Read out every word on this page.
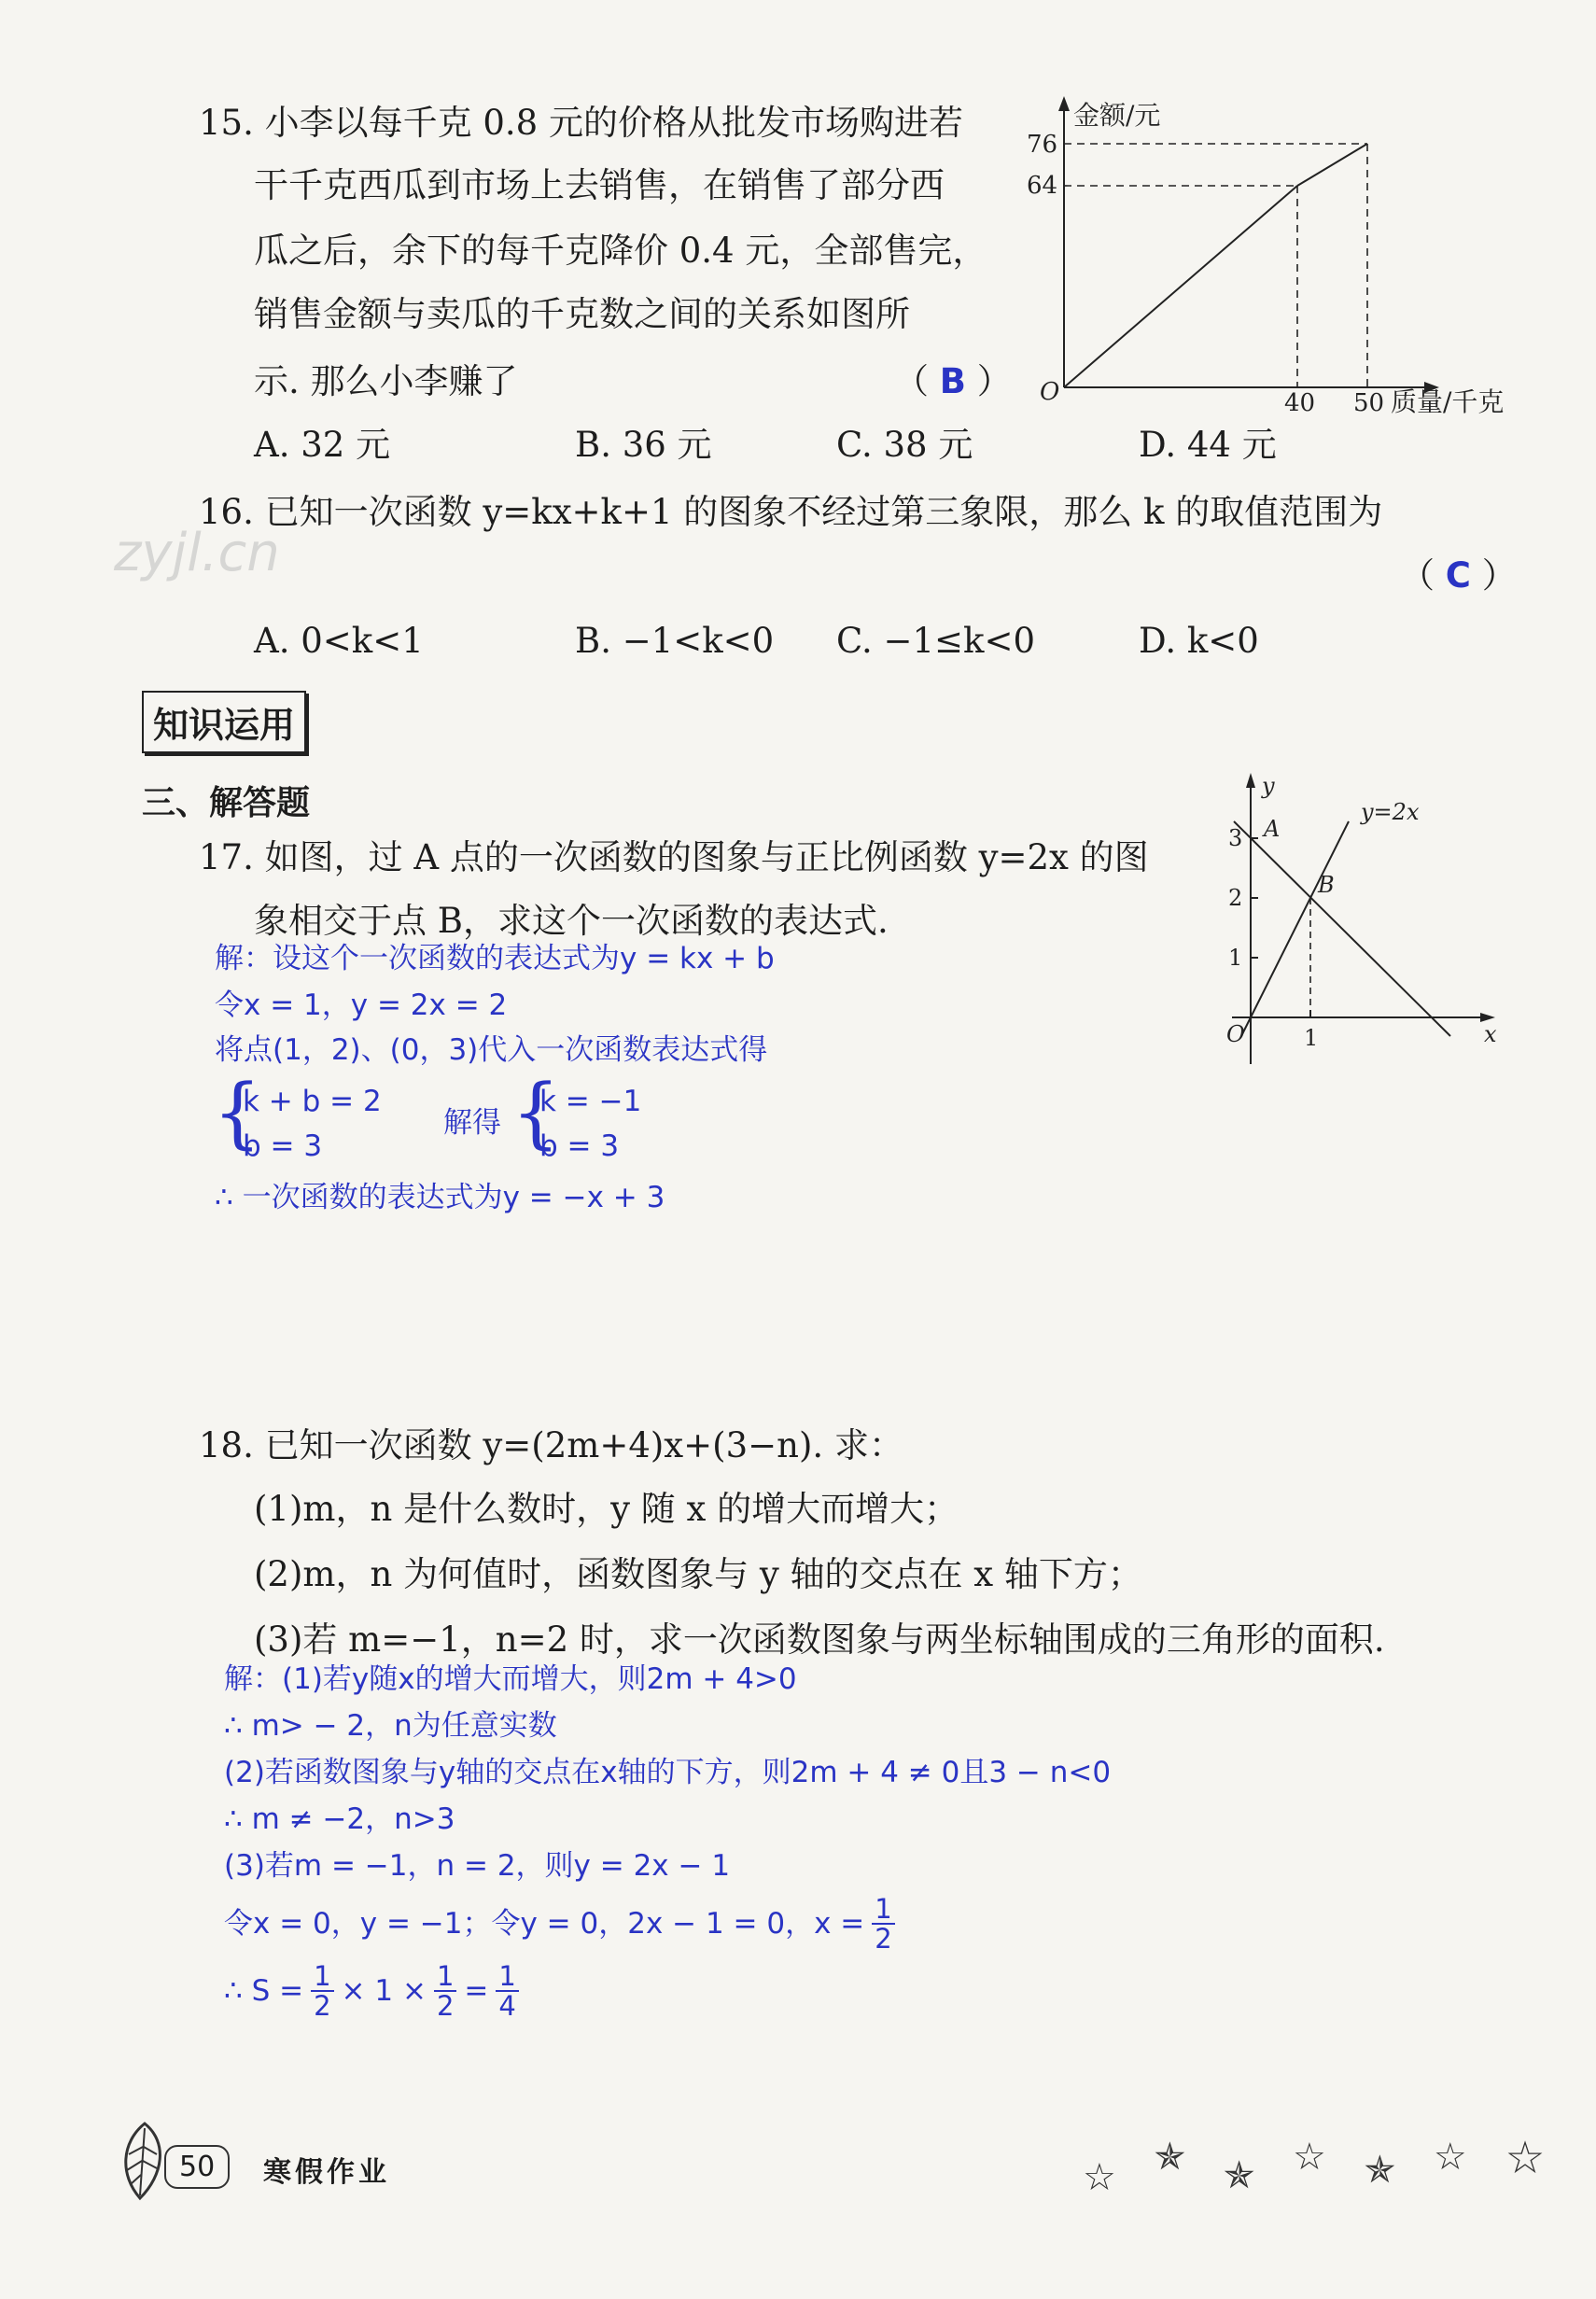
15. 小李以每千克 0.8 元的价格从批发市场购进若
干千克西瓜到市场上去销售，在销售了部分西
瓜之后，余下的每千克降价 0.4 元，全部售完，
销售金额与卖瓜的千克数之间的关系如图所
示. 那么小李赚了	（ B ）
金额/元
76
64
O	40 50 质量/千克
A. 32 元	B. 36 元	C. 38 元	D. 44 元
16. 已知一次函数 y=kx+k+1 的图象不经过第三象限，那么 k 的取值范围为
zyjl.cn	（ C ）
A. 0<k<1	B. −1<k<0 C. −1≤k<0	D. k<0
知识运用
三、解答题
17. 如图，过 A 点的一次函数的图象与正比例函数 y=2x 的图
象相交于点 B，求这个一次函数的表达式.
y
x
O
3
2
1
1
A
B
y=2x
解：设这个一次函数的表达式为y = kx + b
令x = 1，y = 2x = 2
将点(1，2)、(0，3)代入一次函数表达式得
{
k + b = 2
b = 3
解得 {
k = −1
b = 3
∴ 一次函数的表达式为y = −x + 3
18. 已知一次函数 y=(2m+4)x+(3−n). 求：
(1)m，n 是什么数时，y 随 x 的增大而增大；
(2)m，n 为何值时，函数图象与 y 轴的交点在 x 轴下方；
(3)若 m=−1，n=2 时，求一次函数图象与两坐标轴围成的三角形的面积.
解：(1)若y随x的增大而增大，则2m + 4>0
∴ m> − 2，n为任意实数
(2)若函数图象与y轴的交点在x轴的下方，则2m + 4 ≠ 0且3 − n<0
∴ m ≠ −2，n>3
(3)若m = −1，n = 2，则y = 2x − 1
令x = 0，y = −1；令y = 0，2x − 1 = 0，$x = \frac{1}{2}$
∴ $S = \frac{1}{2} \times 1 \times \frac{1}{2} = \frac{1}{4}$
50	寒假作业	☆ ✯ ✯ ☆ ✯ ☆ ☆
